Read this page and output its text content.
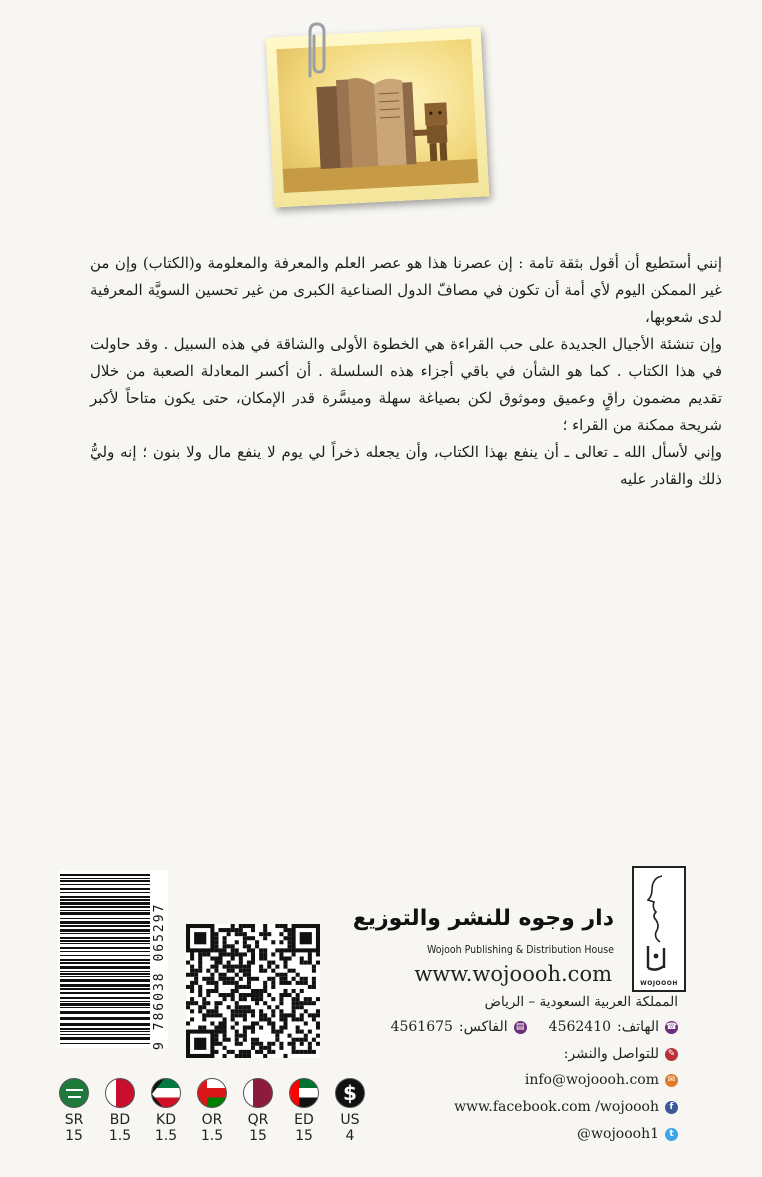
إنني أستطيع أن أقول بثقة تامة : إن عصرنا هذا هو عصر العلم والمعرفة والمعلومة و(الكتاب) وإن من غير الممكن اليوم لأي أمة أن تكون في مصافّ الدول الصناعية الكبرى من غير تحسين السويَّة المعرفية لدى شعوبها،

وإن تنشئة الأجيال الجديدة على حب القراءة هي الخطوة الأولى والشاقة في هذه السبيل . وقد حاولت في هذا الكتاب . كما هو الشأن في باقي أجزاء هذه السلسلة . أن أكسر المعادلة الصعبة من خلال تقديم مضمون راقٍ وعميق وموثوق لكن بصياغة سهلة وميسَّرة قدر الإمكان، حتى يكون متاحاً لأكبر شريحة ممكنة من القراء ؛

وإني لأسأل الله ـ تعالى ـ أن ينفع بهذا الكتاب، وأن يجعله ذخراً لي يوم لا ينفع مال ولا بنون ؛ إنه وليُّ ذلك والقادر عليه

9 786038 065297	WOJOOOH
دار وجوه للنشر والتوزيع
Wojooh Publishing & Distribution House
www.wojoooh.com
المملكة العربية السعودية – الرياض
☎
الهاتف:
4562410
▤
الفاكس:
4561675
✎
للتواصل والنشر:
✉
info@wojoooh.com
f
www.facebook.com /wojoooh
t
@wojoooh1
SR
15
BD
1.5
KD
1.5
OR
1.5
QR
15
ED
15
$
US
4
